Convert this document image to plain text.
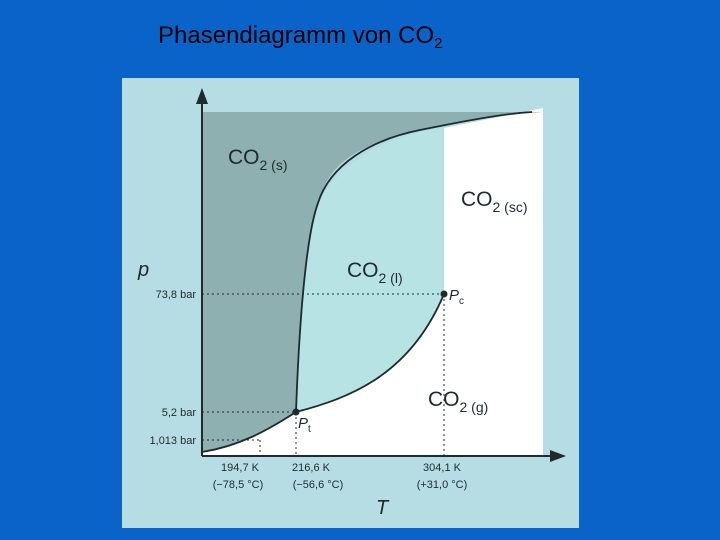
Phasendiagramm von $CO_2$
p
T
73,8 bar
5,2 bar
1,013 bar
194,7 K
(−78,5 °C)
216,6 K
(−56,6 °C)
304,1 K
(+31,0 °C)
$CO_{2 (s)}$
$CO_{2 (l)}$
$CO_{2 (sc)}$
$CO_{2 (g)}$
$P_t$
$P_c$
